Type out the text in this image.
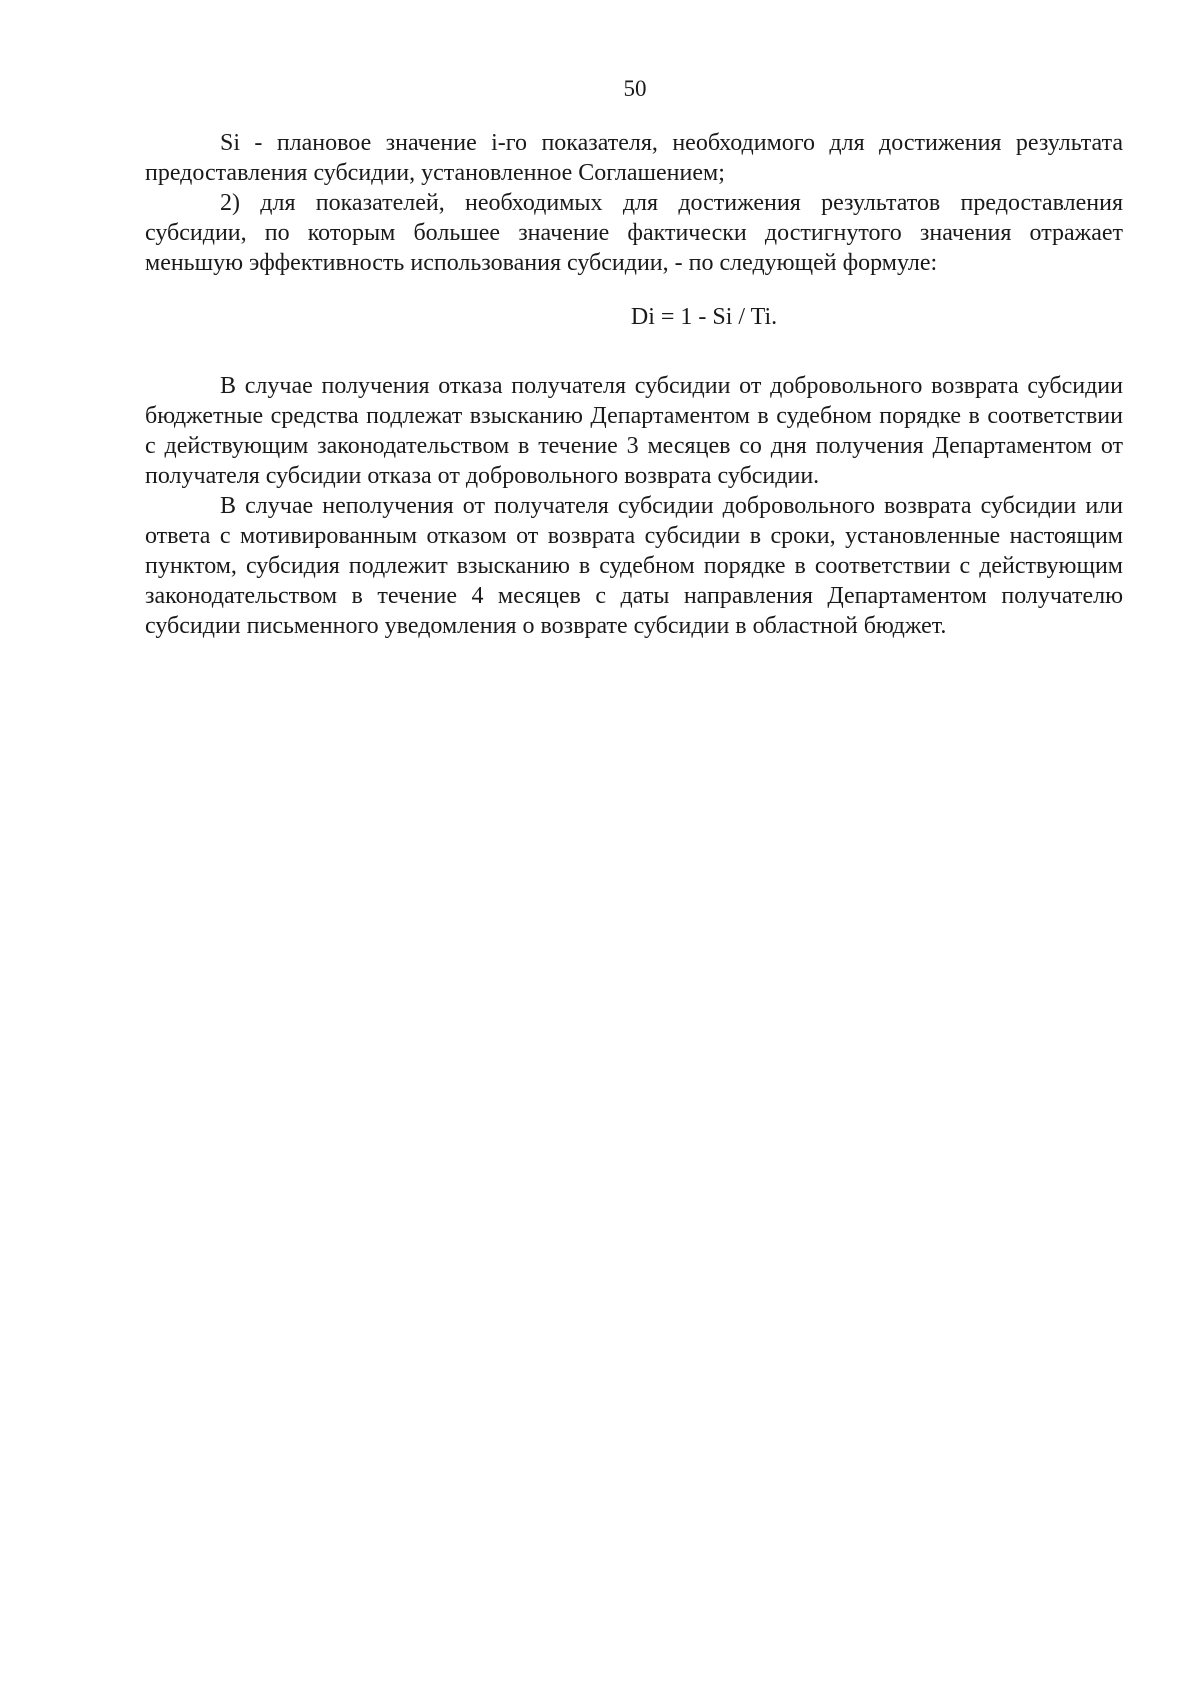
50

Si - плановое значение i-го показателя, необходимого для достижения результата предоставления субсидии, установленное Соглашением;

2) для показателей, необходимых для достижения результатов предоставления субсидии, по которым большее значение фактически достигнутого значения отражает меньшую эффективность использования субсидии, - по следующей формуле:

Di = 1 - Si / Ti.

В случае получения отказа получателя субсидии от добровольного возврата субсидии бюджетные средства подлежат взысканию Департаментом в судебном порядке в соответствии с действующим законодательством в течение 3 месяцев со дня получения Департаментом от получателя субсидии отказа от добровольного возврата субсидии.

В случае неполучения от получателя субсидии добровольного возврата субсидии или ответа с мотивированным отказом от возврата субсидии в сроки, установленные настоящим пунктом, субсидия подлежит взысканию в судебном порядке в соответствии с действующим законодательством в течение 4 месяцев с даты направления Департаментом получателю субсидии письменного уведомления о возврате субсидии в областной бюджет.
